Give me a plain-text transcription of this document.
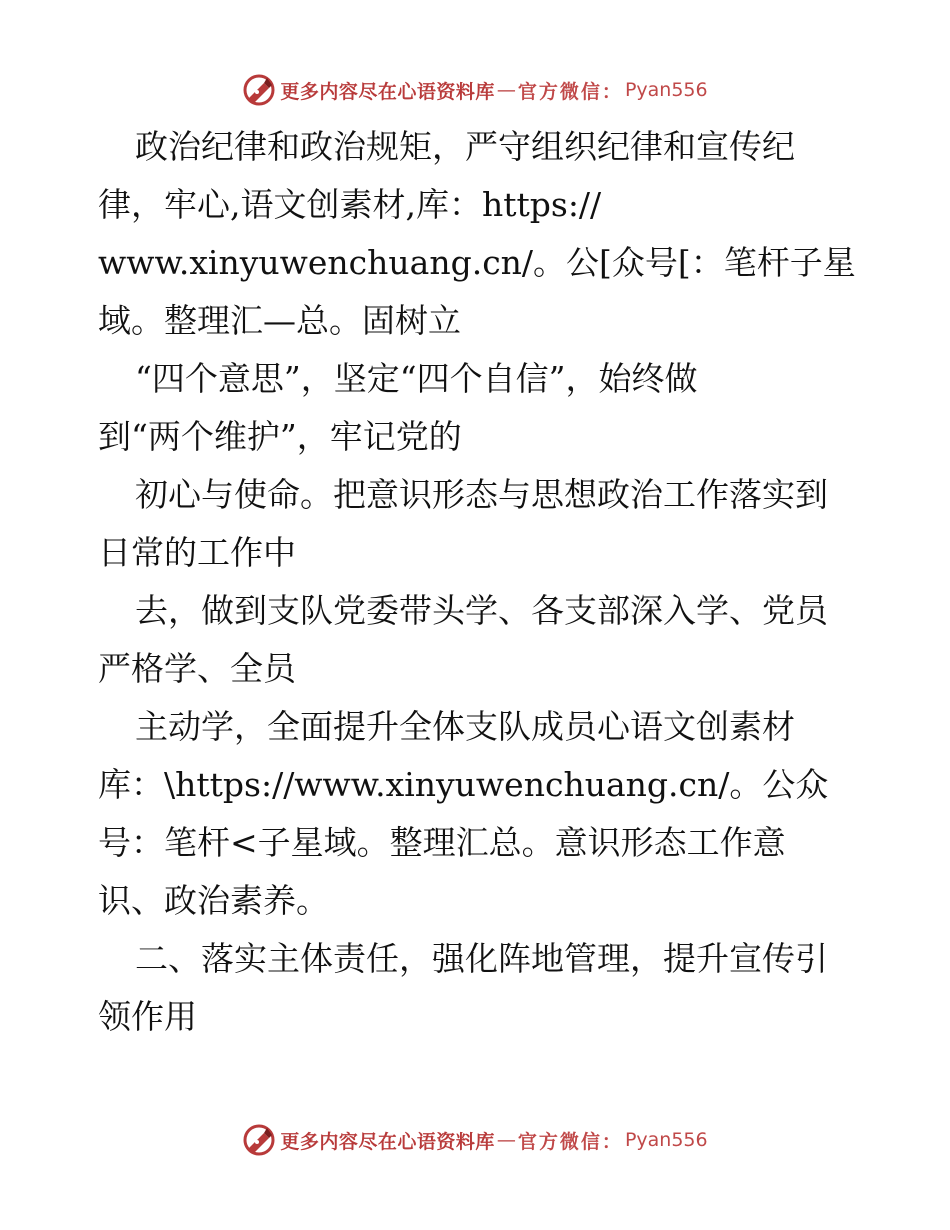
更多内容尽在心语资料库 — 官方微信： Pyan556
政治纪律和政治规矩，严守组织纪律和宣传纪
律，牢心,语文创素材,库：https://
www.xinyuwenchuang.cn/。公[众号[：笔杆子星
域。整理汇—总。固树立
“四个意思”，坚定“四个自信”，始终做
到“两个维护”，牢记党的
初心与使命。把意识形态与思想政治工作落实到
日常的工作中
去，做到支队党委带头学、各支部深入学、党员
严格学、全员
主动学，全面提升全体支队成员心语文创素材
库：\https://www.xinyuwenchuang.cn/。公众
号：笔杆<子星域。整理汇总。意识形态工作意
识、政治素养。
二、落实主体责任，强化阵地管理，提升宣传引
领作用
更多内容尽在心语资料库 — 官方微信： Pyan556
